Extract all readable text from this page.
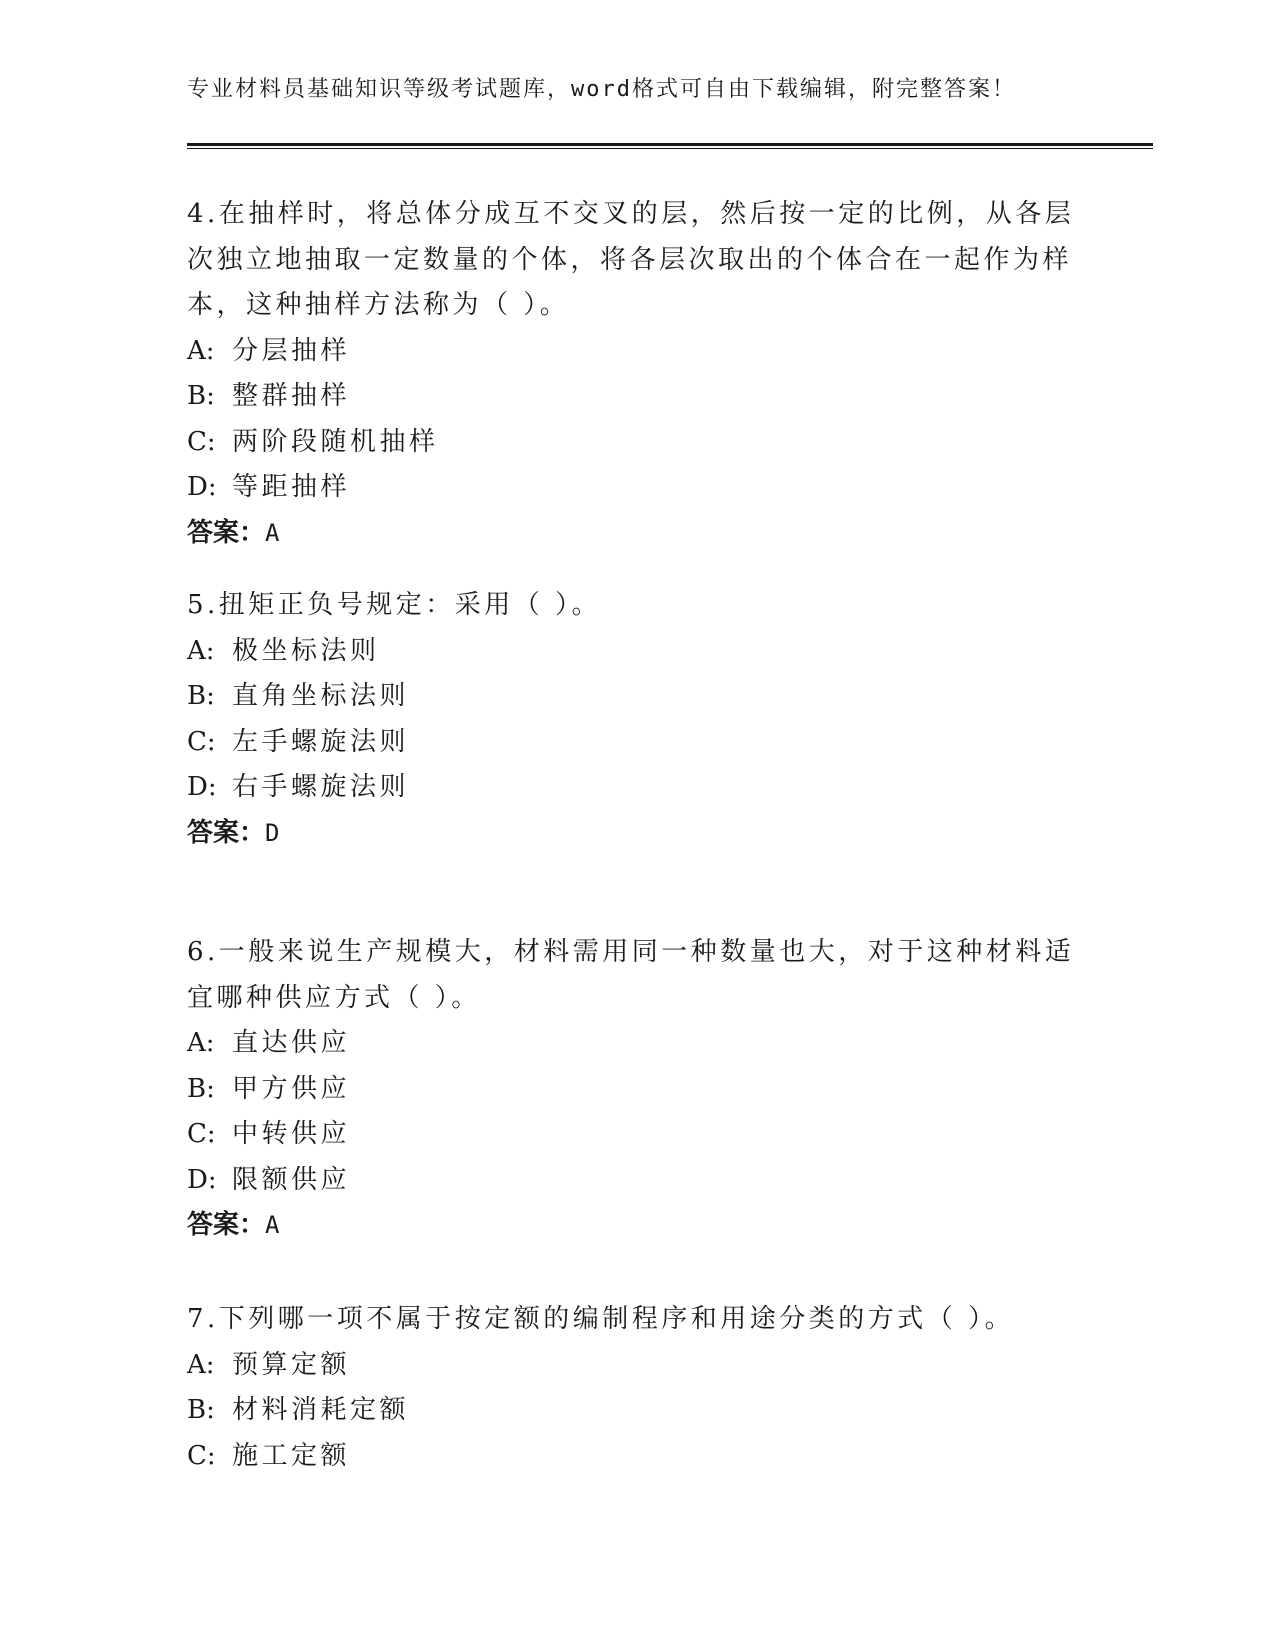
专业材料员基础知识等级考试题库，word格式可自由下载编辑，附完整答案！
4.在抽样时，将总体分成互不交叉的层，然后按一定的比例，从各层
次独立地抽取一定数量的个体，将各层次取出的个体合在一起作为样
本，这种抽样方法称为（ ）。
A: 分层抽样
B: 整群抽样
C: 两阶段随机抽样
D: 等距抽样
答案：A
5.扭矩正负号规定：采用（ ）。
A: 极坐标法则
B: 直角坐标法则
C: 左手螺旋法则
D: 右手螺旋法则
答案：D
6.一般来说生产规模大，材料需用同一种数量也大，对于这种材料适
宜哪种供应方式（ ）。
A: 直达供应
B: 甲方供应
C: 中转供应
D: 限额供应
答案：A
7.下列哪一项不属于按定额的编制程序和用途分类的方式（ ）。
A: 预算定额
B: 材料消耗定额
C: 施工定额
